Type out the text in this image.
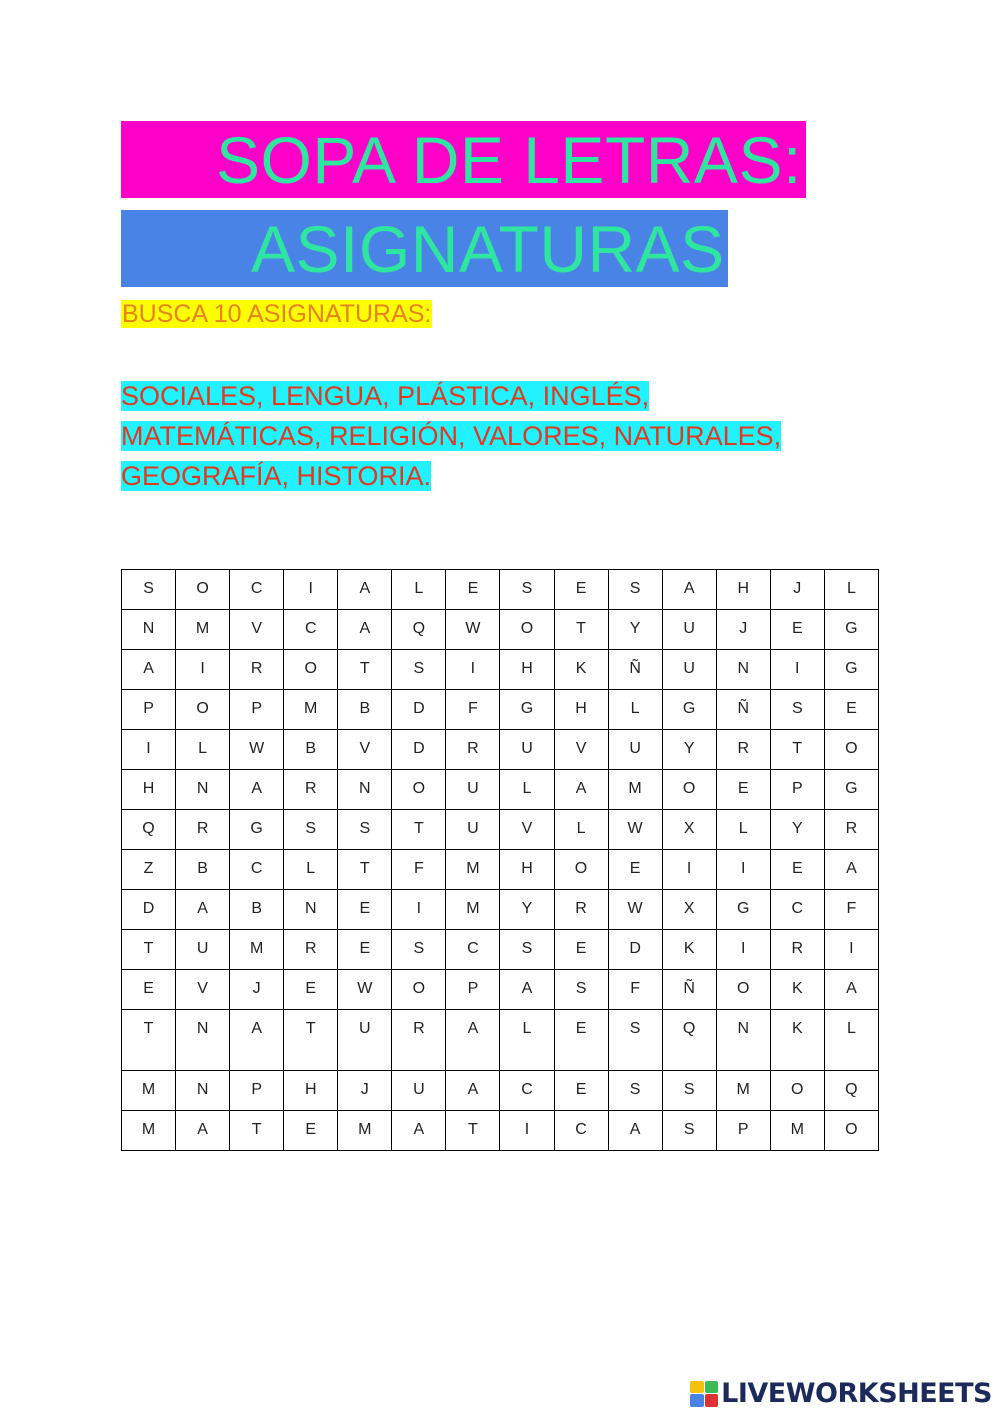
SOPA DE LETRAS:
ASIGNATURAS
BUSCA 10 ASIGNATURAS:
SOCIALES, LENGUA, PLÁSTICA, INGLÉS,
MATEMÁTICAS, RELIGIÓN, VALORES, NATURALES,
GEOGRAFÍA, HISTORIA.
S	O	C	I	A	L	E	S	E	S	A	H	J	L
N	M	V	C	A	Q	W	O	T	Y	U	J	E	G
A	I	R	O	T	S	I	H	K	Ñ	U	N	I	G
P	O	P	M	B	D	F	G	H	L	G	Ñ	S	E
I	L	W	B	V	D	R	U	V	U	Y	R	T	O
H	N	A	R	N	O	U	L	A	M	O	E	P	G
Q	R	G	S	S	T	U	V	L	W	X	L	Y	R
Z	B	C	L	T	F	M	H	O	E	I	I	E	A
D	A	B	N	E	I	M	Y	R	W	X	G	C	F
T	U	M	R	E	S	C	S	E	D	K	I	R	I
E	V	J	E	W	O	P	A	S	F	Ñ	O	K	A
T	N	A	T	U	R	A	L	E	S	Q	N	K	L
M	N	P	H	J	U	A	C	E	S	S	M	O	Q
M	A	T	E	M	A	T	I	C	A	S	P	M	O
LIVEWORKSHEETS
